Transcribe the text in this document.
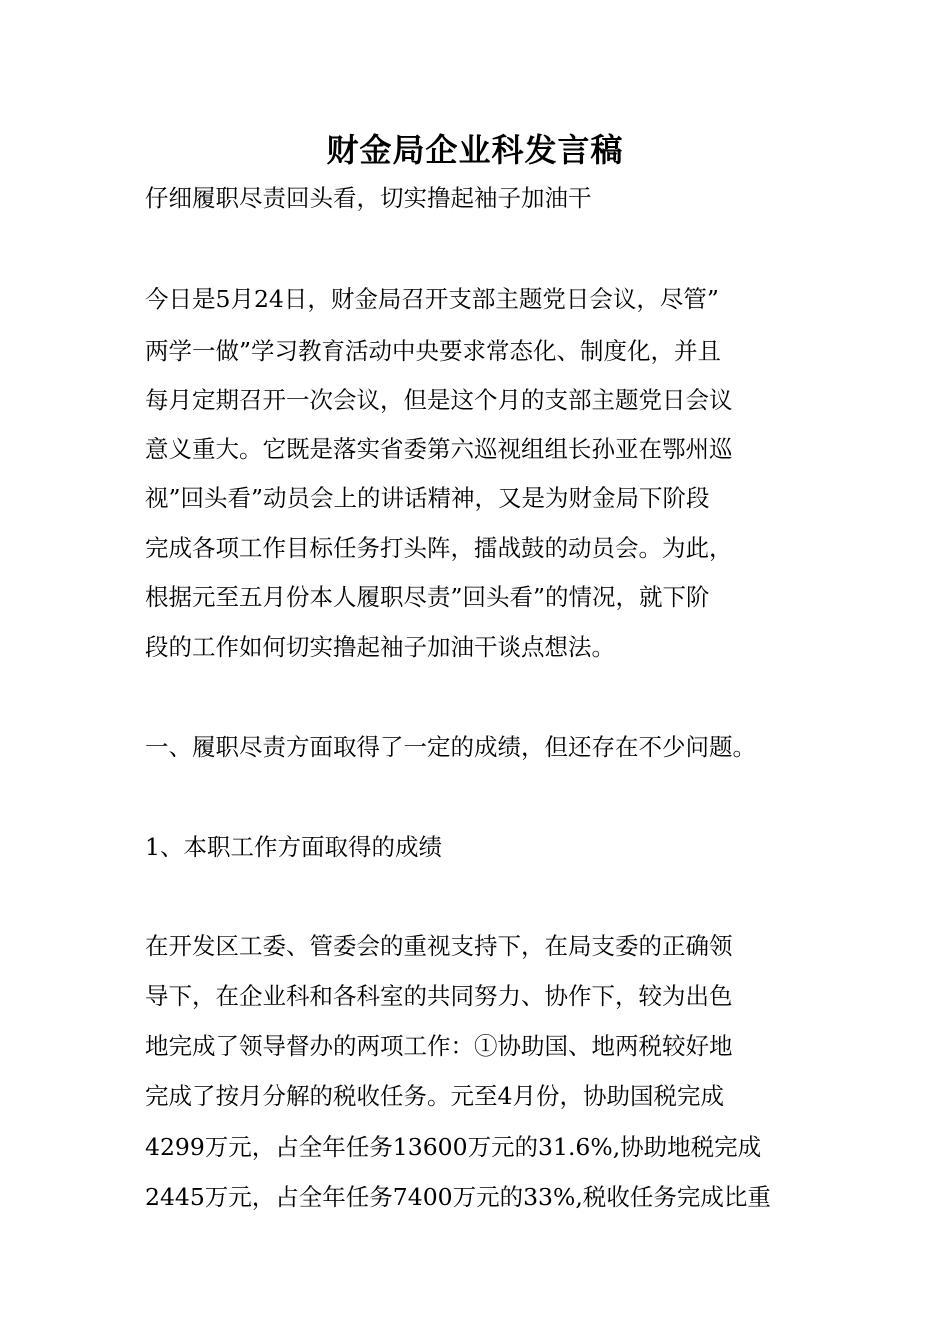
财金局企业科发言稿
仔细履职尽责回头看，切实撸起袖子加油干
今日是5月24日，财金局召开支部主题党日会议，尽管”
两学一做”学习教育活动中央要求常态化、制度化，并且
每月定期召开一次会议，但是这个月的支部主题党日会议
意义重大。它既是落实省委第六巡视组组长孙亚在鄂州巡
视”回头看”动员会上的讲话精神，又是为财金局下阶段
完成各项工作目标任务打头阵，擂战鼓的动员会。为此，
根据元至五月份本人履职尽责”回头看”的情况，就下阶
段的工作如何切实撸起袖子加油干谈点想法。
一、履职尽责方面取得了一定的成绩，但还存在不少问题。
1、本职工作方面取得的成绩
在开发区工委、管委会的重视支持下，在局支委的正确领
导下，在企业科和各科室的共同努力、协作下，较为出色
地完成了领导督办的两项工作：①协助国、地两税较好地
完成了按月分解的税收任务。元至4月份，协助国税完成
4299万元，占全年任务13600万元的31.6%,协助地税完成
2445万元，占全年任务7400万元的33%,税收任务完成比重
